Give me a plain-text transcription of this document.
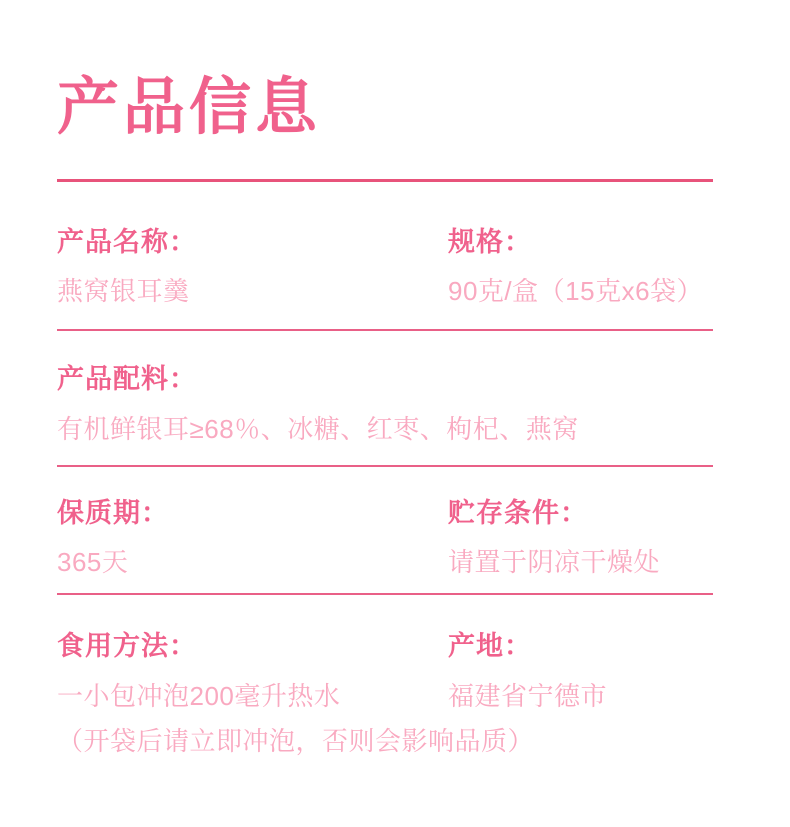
产品信息
产品名称：
燕窝银耳羹
规格：
90克/盒（15克x6袋）
产品配料：
有机鲜银耳≥68％、冰糖、红枣、枸杞、燕窝
保质期：
365天
贮存条件：
请置于阴凉干燥处
食用方法：
一小包冲泡200毫升热水
产地：
福建省宁德市
（开袋后请立即冲泡，否则会影响品质）
